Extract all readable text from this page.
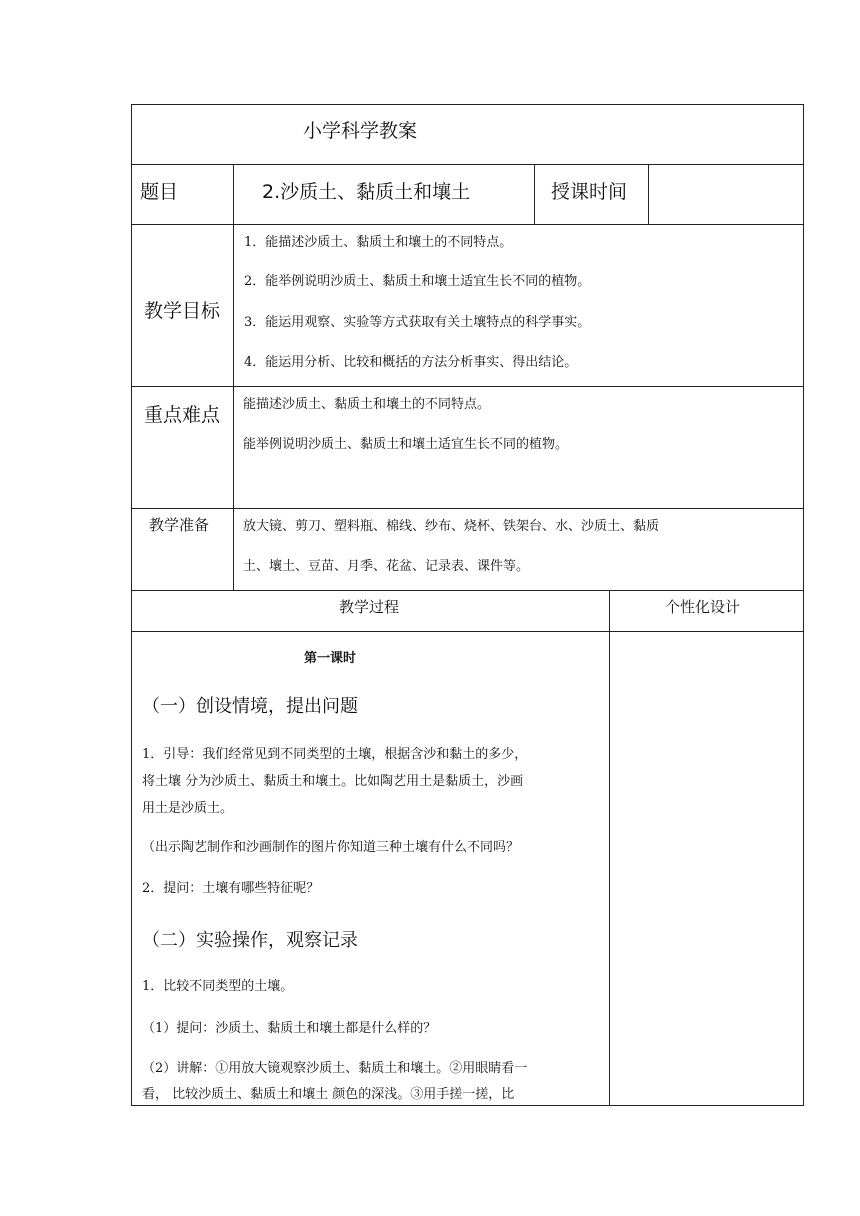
小学科学教案
题目	2.沙质土、黏质土和壤土	授课时间
教学目标
1．能描述沙质土、黏质土和壤土的不同特点。
2．能举例说明沙质土、黏质土和壤土适宜生长不同的植物。
3．能运用观察、实验等方式获取有关土壤特点的科学事实。
4．能运用分析、比较和概括的方法分析事实、得出结论。
重点难点 能描述沙质土、黏质土和壤土的不同特点。
能举例说明沙质土、黏质土和壤土适宜生长不同的植物。
教学准备	放大镜、剪刀、塑料瓶、棉线、纱布、烧杯、铁架台、水、沙质土、黏质
土、壤土、豆苗、月季、花盆、记录表、课件等。
教学过程	个性化设计
第一课时
（一）创设情境，提出问题
1．引导：我们经常见到不同类型的土壤，根据含沙和黏土的多少，
将土壤 分为沙质土、黏质土和壤土。比如陶艺用土是黏质土，沙画
用土是沙质土。
（出示陶艺制作和沙画制作的图片你知道三种土壤有什么不同吗？
2．提问：土壤有哪些特征呢？
（二）实验操作，观察记录
1．比较不同类型的土壤。
（1）提问：沙质土、黏质土和壤土都是什么样的？
（2）讲解：①用放大镜观察沙质土、黏质土和壤土。②用眼睛看一
看， 比较沙质土、黏质土和壤土 颜色的深浅。③用手搓一搓，比
